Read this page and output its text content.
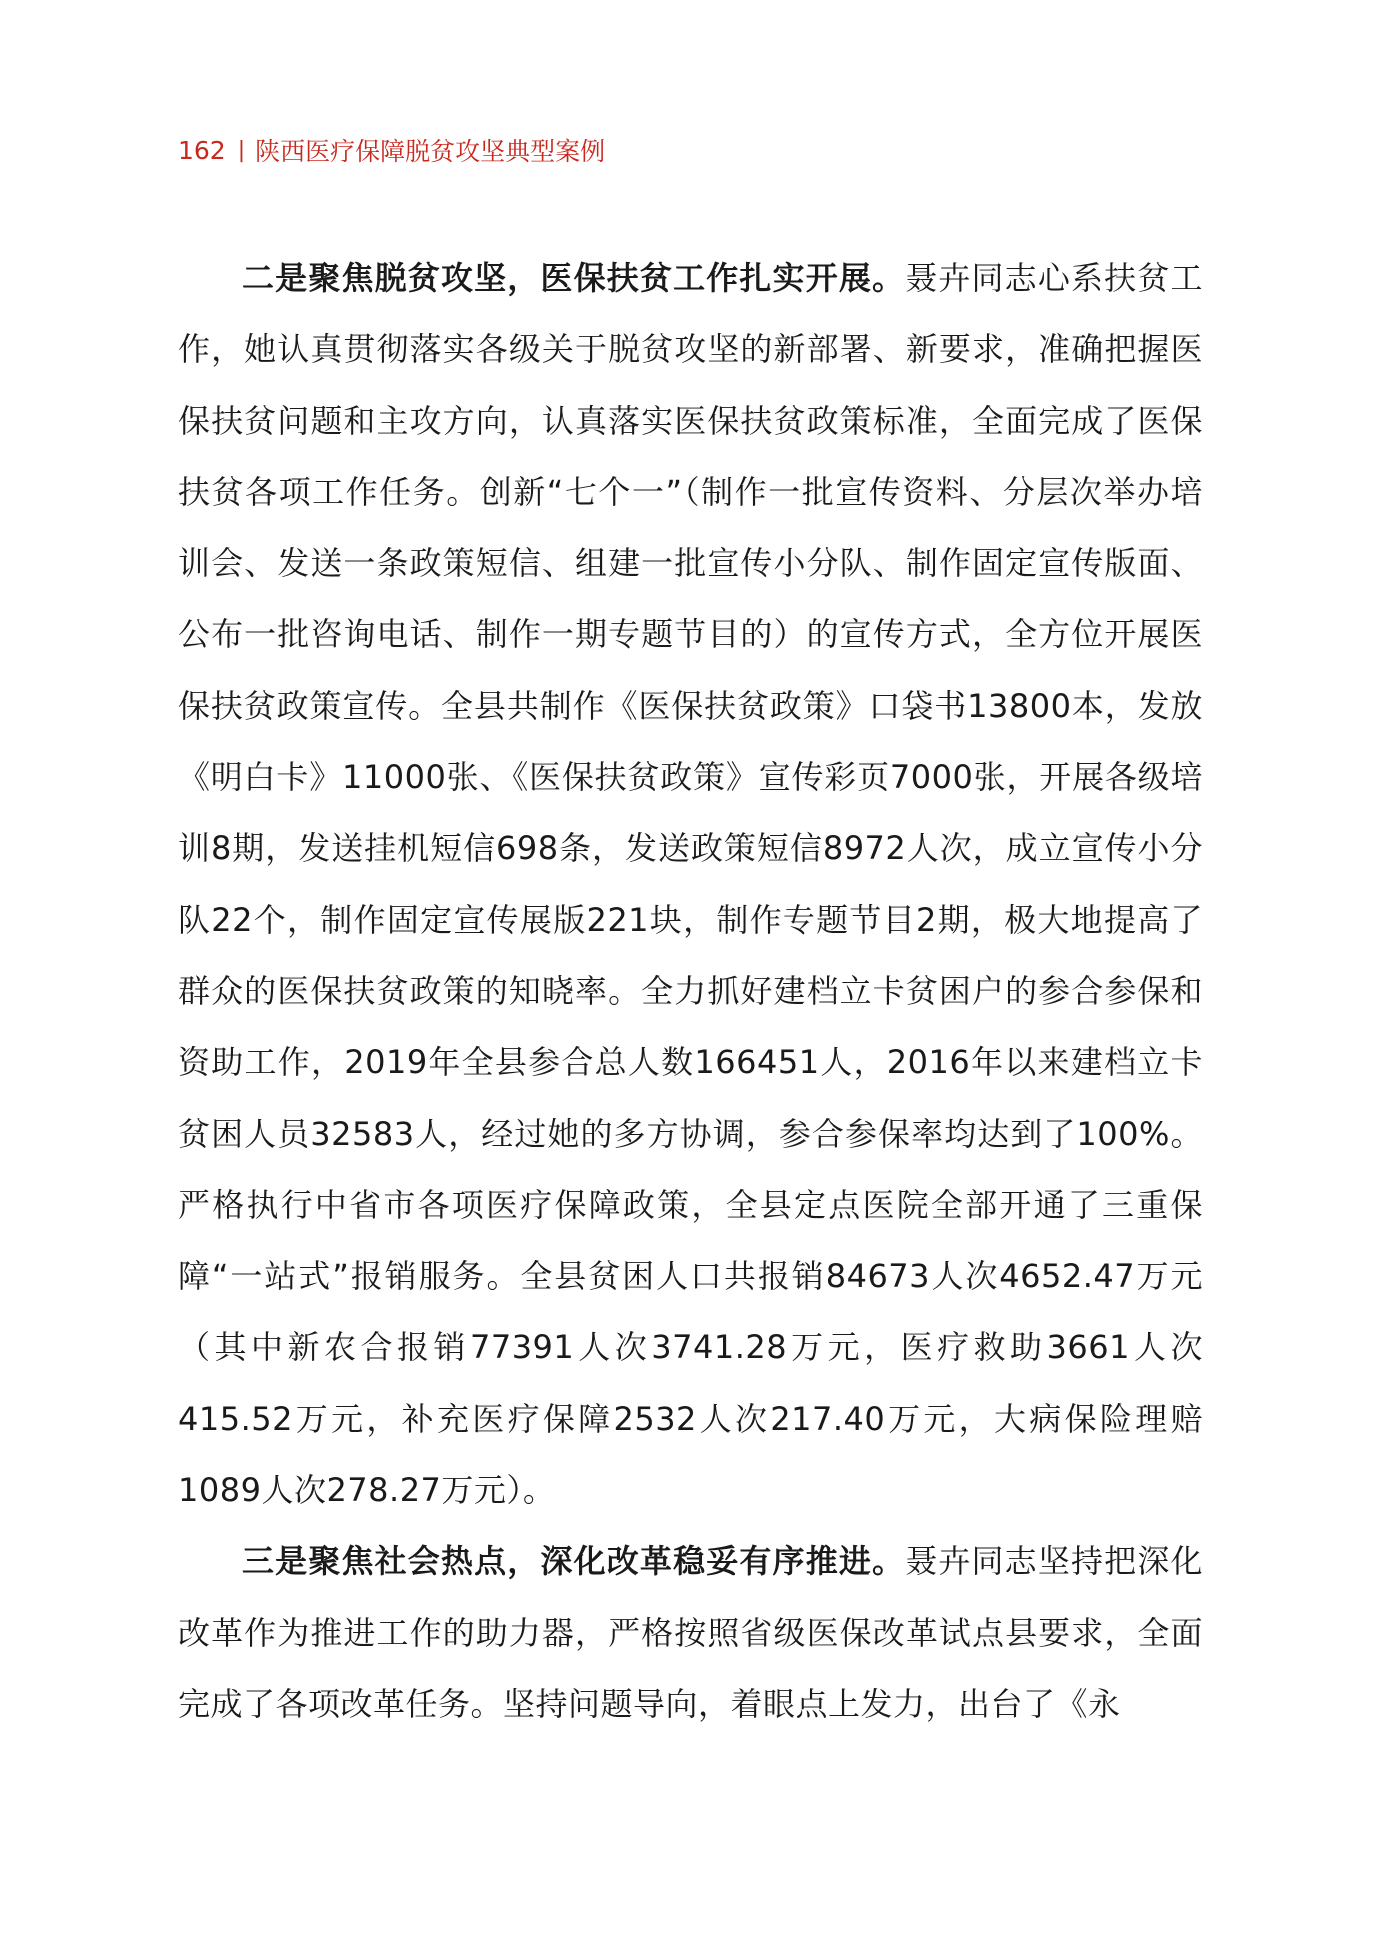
162 | 陕西医疗保障脱贫攻坚典型案例

二是聚焦脱贫攻坚，医保扶贫工作扎实开展。聂卉同志心系扶贫工作，她认真贯彻落实各级关于脱贫攻坚的新部署、新要求，准确把握医保扶贫问题和主攻方向，认真落实医保扶贫政策标准，全面完成了医保扶贫各项工作任务。创新“七个一”（制作一批宣传资料、分层次举办培训会、发送一条政策短信、组建一批宣传小分队、制作固定宣传版面、公布一批咨询电话、制作一期专题节目的）的宣传方式，全方位开展医保扶贫政策宣传。全县共制作《医保扶贫政策》口袋书13800本，发放《明白卡》11000张、《医保扶贫政策》宣传彩页7000张，开展各级培训8期，发送挂机短信698条，发送政策短信8972人次，成立宣传小分队22个，制作固定宣传展版221块，制作专题节目2期，极大地提高了群众的医保扶贫政策的知晓率。全力抓好建档立卡贫困户的参合参保和资助工作，2019年全县参合总人数166451人，2016年以来建档立卡贫困人员32583人，经过她的多方协调，参合参保率均达到了100%。严格执行中省市各项医疗保障政策，全县定点医院全部开通了三重保障“一站式”报销服务。全县贫困人口共报销84673人次4652.47万元（其中新农合报销77391人次3741.28万元，医疗救助3661人次415.52万元，补充医疗保障2532人次217.40万元，大病保险理赔1089人次278.27万元）。

三是聚焦社会热点，深化改革稳妥有序推进。聂卉同志坚持把深化改革作为推进工作的助力器，严格按照省级医保改革试点县要求，全面完成了各项改革任务。坚持问题导向，着眼点上发力，出台了《永
